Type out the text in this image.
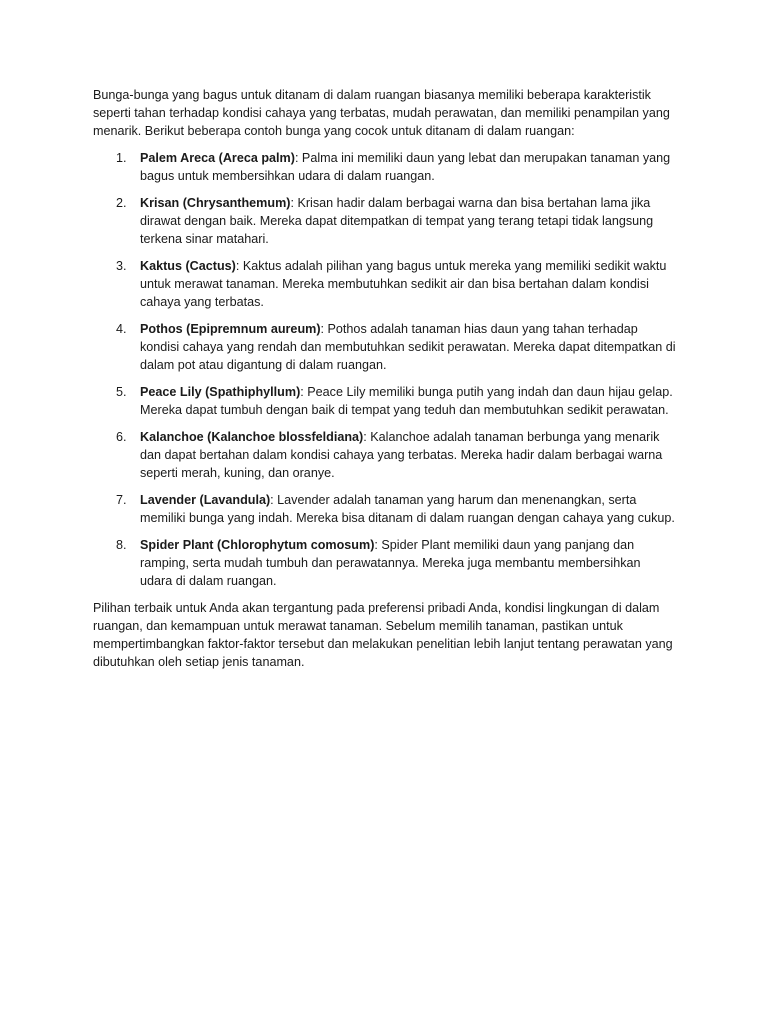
Bunga-bunga yang bagus untuk ditanam di dalam ruangan biasanya memiliki beberapa karakteristik seperti tahan terhadap kondisi cahaya yang terbatas, mudah perawatan, dan memiliki penampilan yang menarik. Berikut beberapa contoh bunga yang cocok untuk ditanam di dalam ruangan:

1. Palem Areca (Areca palm): Palma ini memiliki daun yang lebat dan merupakan tanaman yang bagus untuk membersihkan udara di dalam ruangan.
2. Krisan (Chrysanthemum): Krisan hadir dalam berbagai warna dan bisa bertahan lama jika dirawat dengan baik. Mereka dapat ditempatkan di tempat yang terang tetapi tidak langsung terkena sinar matahari.
3. Kaktus (Cactus): Kaktus adalah pilihan yang bagus untuk mereka yang memiliki sedikit waktu untuk merawat tanaman. Mereka membutuhkan sedikit air dan bisa bertahan dalam kondisi cahaya yang terbatas.
4. Pothos (Epipremnum aureum): Pothos adalah tanaman hias daun yang tahan terhadap kondisi cahaya yang rendah dan membutuhkan sedikit perawatan. Mereka dapat ditempatkan di dalam pot atau digantung di dalam ruangan.
5. Peace Lily (Spathiphyllum): Peace Lily memiliki bunga putih yang indah dan daun hijau gelap. Mereka dapat tumbuh dengan baik di tempat yang teduh dan membutuhkan sedikit perawatan.
6. Kalanchoe (Kalanchoe blossfeldiana): Kalanchoe adalah tanaman berbunga yang menarik dan dapat bertahan dalam kondisi cahaya yang terbatas. Mereka hadir dalam berbagai warna seperti merah, kuning, dan oranye.
7. Lavender (Lavandula): Lavender adalah tanaman yang harum dan menenangkan, serta memiliki bunga yang indah. Mereka bisa ditanam di dalam ruangan dengan cahaya yang cukup.
8. Spider Plant (Chlorophytum comosum): Spider Plant memiliki daun yang panjang dan ramping, serta mudah tumbuh dan perawatannya. Mereka juga membantu membersihkan udara di dalam ruangan.

Pilihan terbaik untuk Anda akan tergantung pada preferensi pribadi Anda, kondisi lingkungan di dalam ruangan, dan kemampuan untuk merawat tanaman. Sebelum memilih tanaman, pastikan untuk mempertimbangkan faktor-faktor tersebut dan melakukan penelitian lebih lanjut tentang perawatan yang dibutuhkan oleh setiap jenis tanaman.
